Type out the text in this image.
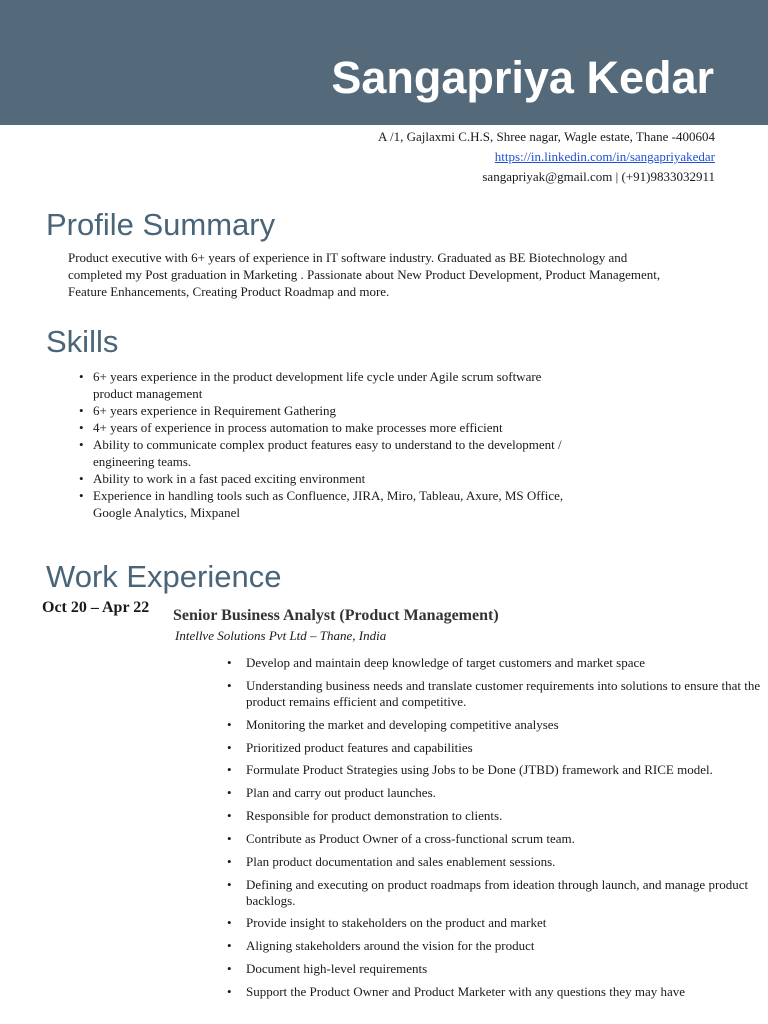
Sangapriya Kedar
A /1, Gajlaxmi C.H.S, Shree nagar, Wagle estate, Thane -400604
https://in.linkedin.com/in/sangapriyakedar
sangapriyak@gmail.com | (+91)9833032911
Profile Summary

Product executive with 6+ years of experience in IT software industry. Graduated as BE Biotechnology and completed my Post graduation in Marketing . Passionate about New Product Development, Product Management, Feature Enhancements, Creating Product Roadmap and more.

Skills
• 6+ years experience in the product development life cycle under Agile scrum software product management
• 6+ years experience in Requirement Gathering
• 4+ years of experience in process automation to make processes more efficient
• Ability to communicate complex product features easy to understand to the development / engineering teams.
• Ability to work in a fast paced exciting environment
• Experience in handling tools such as Confluence, JIRA, Miro, Tableau, Axure, MS Office, Google Analytics, Mixpanel
Work Experience
Oct 20 – Apr 22 Senior Business Analyst (Product Management)
Intellve Solutions Pvt Ltd – Thane, India
• Develop and maintain deep knowledge of target customers and market space
• Understanding business needs and translate customer requirements into solutions to ensure that the product remains efficient and competitive.
• Monitoring the market and developing competitive analyses
• Prioritized product features and capabilities
• Formulate Product Strategies using Jobs to be Done (JTBD) framework and RICE model.
• Plan and carry out product launches.
• Responsible for product demonstration to clients.
• Contribute as Product Owner of a cross-functional scrum team.
• Plan product documentation and sales enablement sessions.
• Defining and executing on product roadmaps from ideation through launch, and manage product backlogs.
• Provide insight to stakeholders on the product and market
• Aligning stakeholders around the vision for the product
• Document high-level requirements
• Support the Product Owner and Product Marketer with any questions they may have
